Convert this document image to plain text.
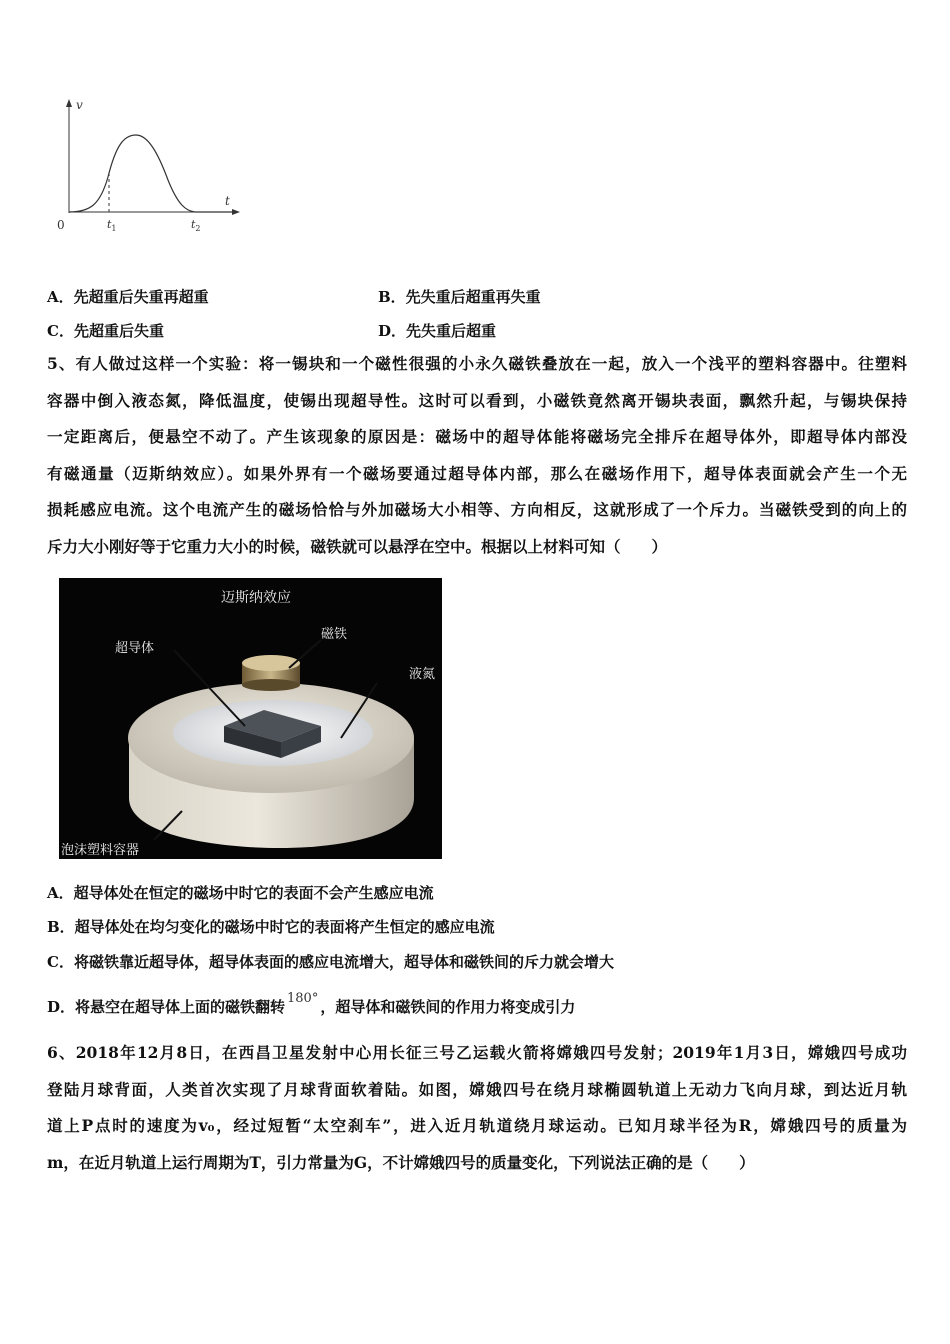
v
t
0	$t_1$	$t_2$
A．先超重后失重再超重	B．先失重后超重再失重
C．先超重后失重	D．先失重后超重
5、有人做过这样一个实验：将一锡块和一个磁性很强的小永久磁铁叠放在一起，放入一个浅平的塑料容器中。往塑料
容器中倒入液态氮，降低温度，使锡出现超导性。这时可以看到，小磁铁竟然离开锡块表面，飘然升起，与锡块保持
一定距离后，便悬空不动了。产生该现象的原因是：磁场中的超导体能将磁场完全排斥在超导体外，即超导体内部没
有磁通量（迈斯纳效应）。如果外界有一个磁场要通过超导体内部，那么在磁场作用下，超导体表面就会产生一个无
损耗感应电流。这个电流产生的磁场恰恰与外加磁场大小相等、方向相反，这就形成了一个斥力。当磁铁受到的向上的
斥力大小刚好等于它重力大小的时候，磁铁就可以悬浮在空中。根据以上材料可知（　　）
迈斯纳效应
超导体
磁铁
液氮
泡沫塑料容器
A．超导体处在恒定的磁场中时它的表面不会产生感应电流
B．超导体处在均匀变化的磁场中时它的表面将产生恒定的感应电流
C．将磁铁靠近超导体，超导体表面的感应电流增大，超导体和磁铁间的斥力就会增大
D．将悬空在超导体上面的磁铁翻转 180° ，超导体和磁铁间的作用力将变成引力
6、2018年12月8日，在西昌卫星发射中心用长征三号乙运载火箭将嫦娥四号发射；2019年1月3日，嫦娥四号成功
登陆月球背面，人类首次实现了月球背面软着陆。如图，嫦娥四号在绕月球椭圆轨道上无动力飞向月球，到达近月轨
道上P点时的速度为v₀，经过短暂“太空刹车”，进入近月轨道绕月球运动。已知月球半径为R，嫦娥四号的质量为
m，在近月轨道上运行周期为T，引力常量为G，不计嫦娥四号的质量变化，下列说法正确的是（　　）
